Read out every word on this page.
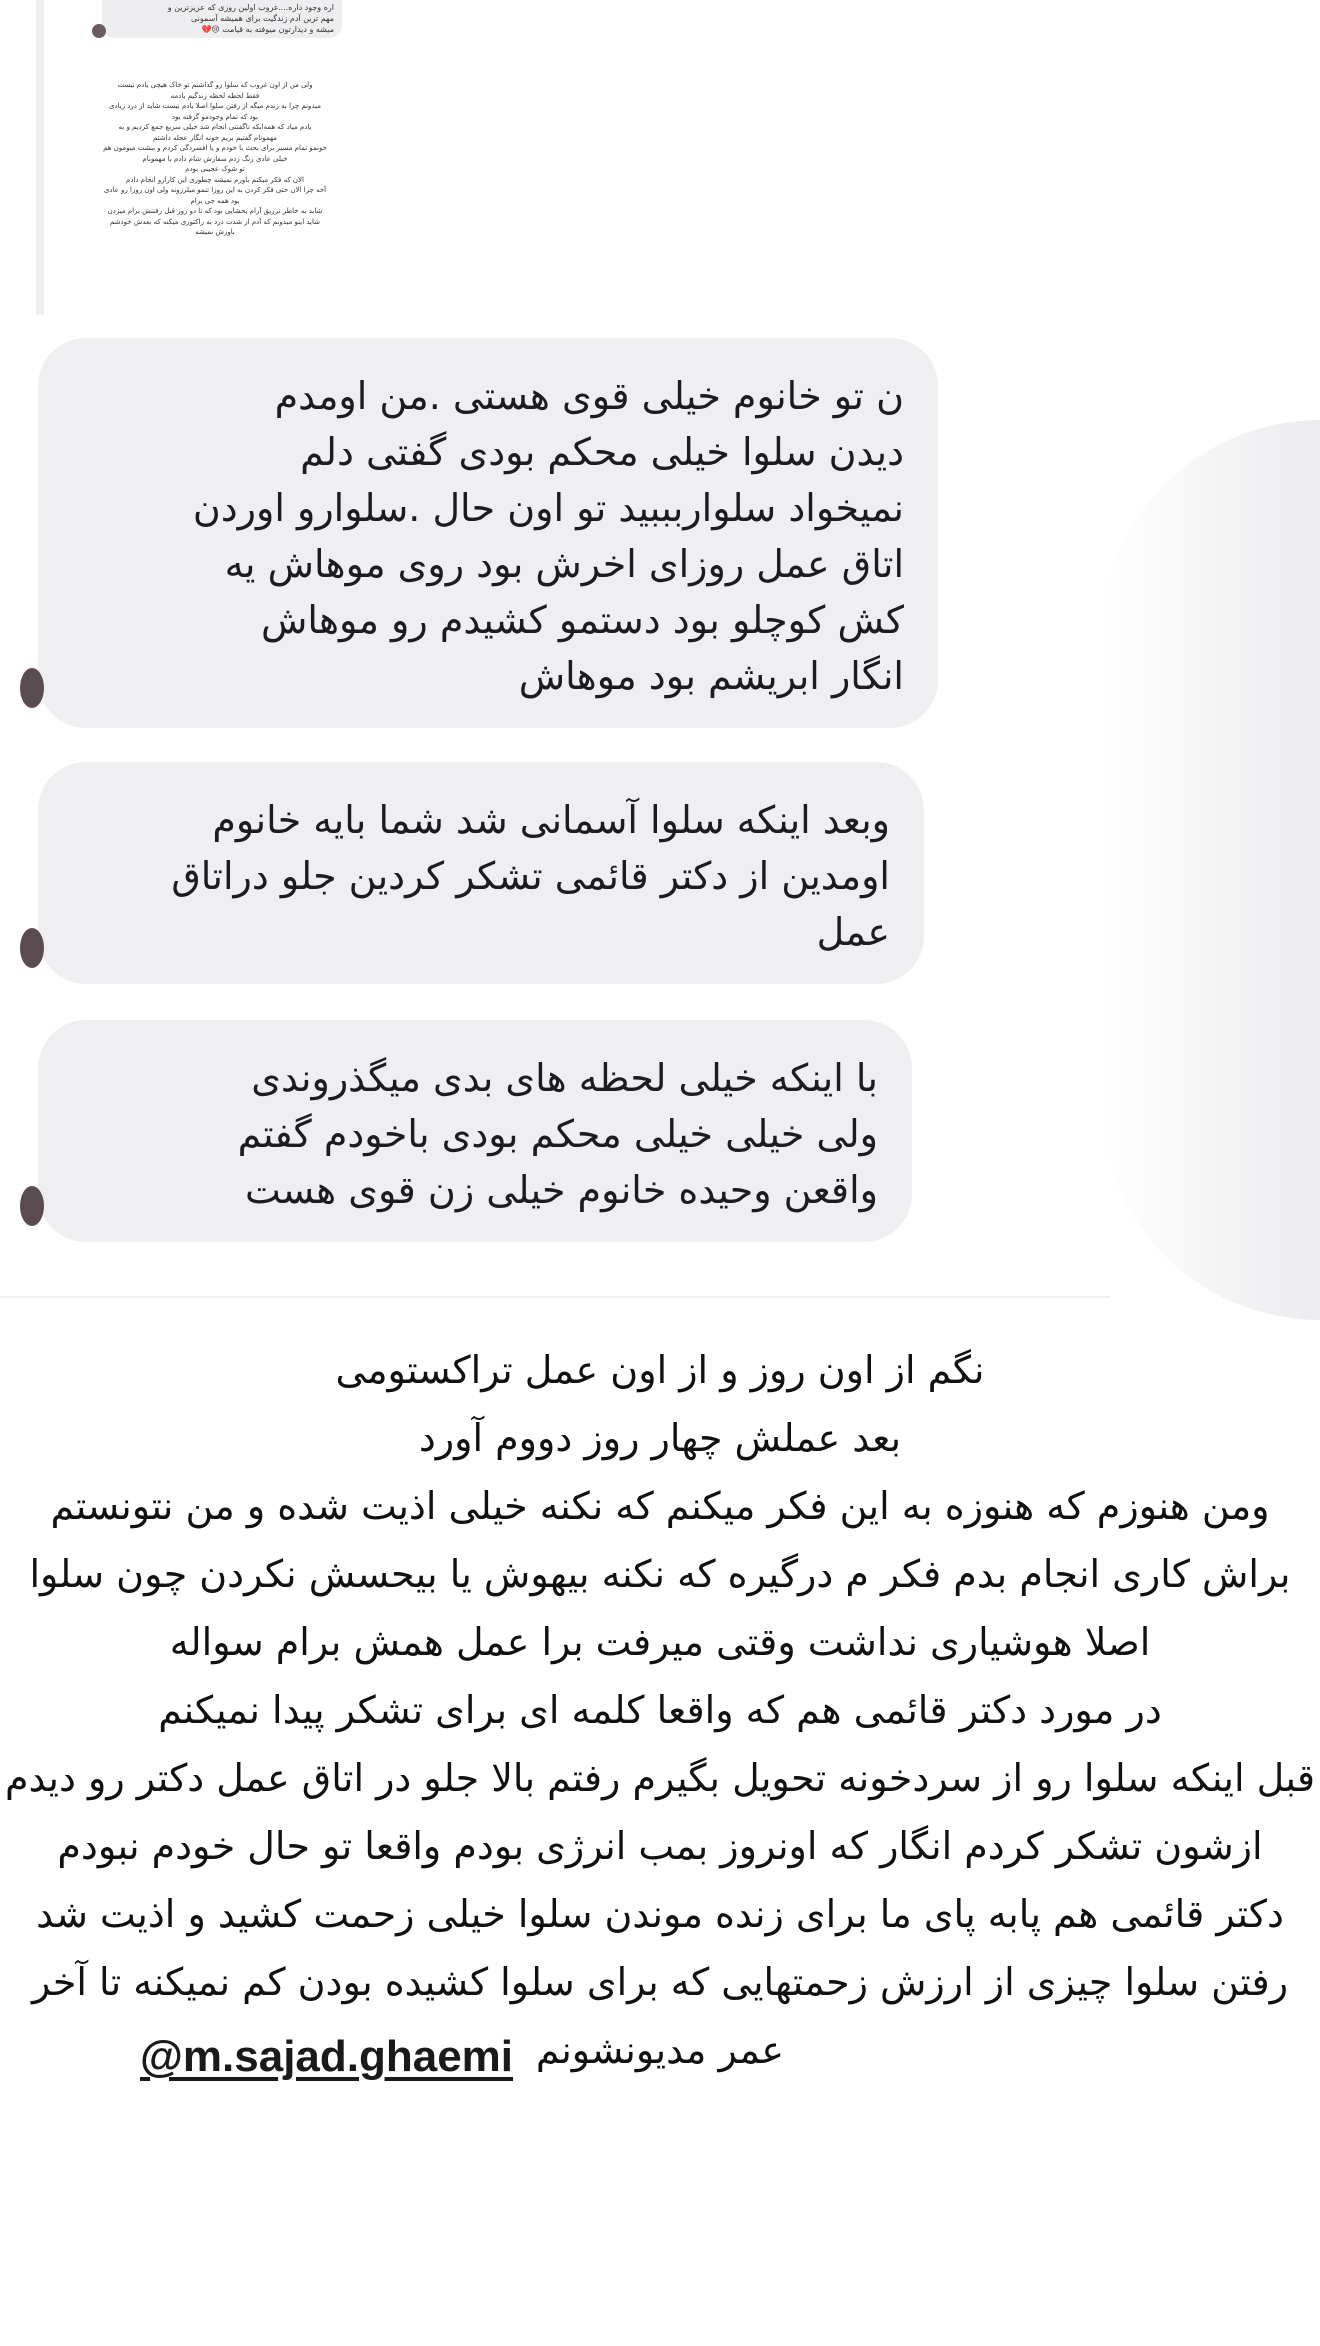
اره وجود داره....غروب اولین روزی که عزیزترین و
مهم ترین آدم زندگیت برای همیشه آسمونی
میشه و دیدارتون میوفته به قیامت 😢💔
ولی من از اون غروب که سلوا رو گذاشتم تو خاک هیچی یادم نیست
فقط لحظه لحظه زندگیم یادمه
میدونم چرا به زندم میگه از رفتن سلوا اصلا یادم نیست شاید از درد زیادی
بود که تمام وجودمو گرفته بود
یادم میاد که همه‌ایکه ناگفتنی انجام شد خیلی سریع جمع کردیم و به
مهمونام گفتیم بریم خونه انگار عجله داشتم
خونمو تمام مسیر برای بحث با خودم و یا افسردگی کردم و ببشت میومون هم
خیلی عادی زنگ زدم سفارش شام دادم با مهمونام
تو شوک عجیبی بودم
الان که فکر میکنم باورم نمیشه چطوری این کارارو انجام دادم
آخه چرا الان حتی فکر کردن به این روزا تنمو میلرزونه ولی اون روزا رو عادی
بود همه جی برام
شاید به خاطر تزریق آرام بخشایی بود که تا دو روز قبل رفتنش برام میزدن
شاید اینو میدونم که آدم از شدت درد به راکتوری میکنه که بعدش خودشم
باورش نمیشه
ن تو خانوم خیلی قوی هستی .من اومدم
دیدن سلوا خیلی محکم بودی گفتی دلم
نمیخواد سلواربببید تو اون حال .سلوارو اوردن
اتاق عمل روزای اخرش بود روی موهاش یه
کش کوچلو بود دستمو کشیدم رو موهاش
انگار ابریشم بود موهاش
وبعد اینکه سلوا آسمانی شد شما بایه خانوم
اومدین از دکتر قائمی تشکر کردین جلو دراتاق
عمل
با اینکه خیلی لحظه های بدی میگذروندی
ولی خیلی خیلی محکم بودی باخودم گفتم
واقعن وحیده خانوم خیلی زن قوی هست
نگم از اون روز و از اون عمل تراکستومی
بعد عملش چهار روز دووم آورد
ومن هنوزم که هنوزه به این فکر میکنم که نکنه خیلی اذیت شده و من نتونستم
براش کاری انجام بدم فکر م درگیره که نکنه بیهوش یا بیحسش نکردن چون سلوا
اصلا هوشیاری نداشت وقتی میرفت برا عمل همش برام سواله
در مورد دکتر قائمی هم که واقعا کلمه ای برای تشکر پیدا نمیکنم
قبل اینکه سلوا رو از سردخونه تحویل بگیرم رفتم بالا جلو در اتاق عمل دکتر رو دیدم
ازشون تشکر کردم انگار که اونروز بمب انرژی بودم واقعا تو حال خودم نبودم
دکتر قائمی هم پابه پای ما برای زنده موندن سلوا خیلی زحمت کشید و اذیت شد
رفتن سلوا چیزی از ارزش زحمتهایی که برای سلوا کشیده بودن کم نمیکنه تا آخر
عمر مدیونشونم
@m.sajad.ghaemi
